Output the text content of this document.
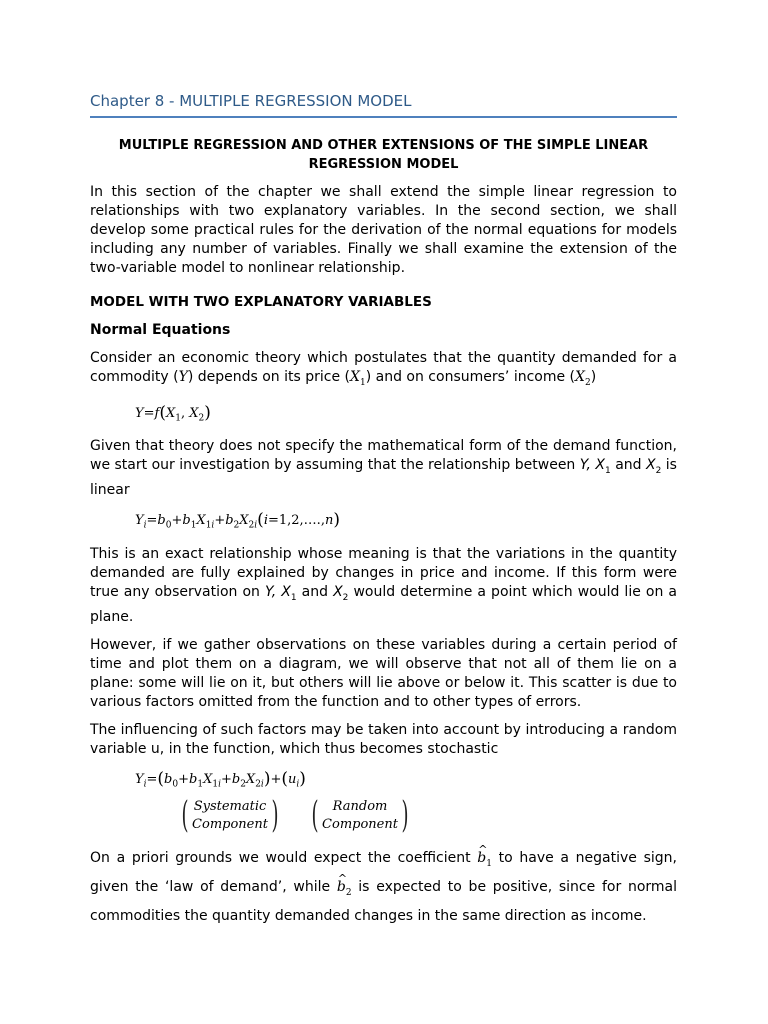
Chapter 8 - MULTIPLE REGRESSION MODEL
MULTIPLE REGRESSION AND OTHER EXTENSIONS OF THE SIMPLE LINEAR REGRESSION MODEL

In this section of the chapter we shall extend the simple linear regression to relationships with two explanatory variables. In the second section, we shall develop some practical rules for the derivation of the normal equations for models including any number of variables. Finally we shall examine the extension of the two-variable model to nonlinear relationship.

MODEL WITH TWO EXPLANATORY VARIABLES
Normal Equations

Consider an economic theory which postulates that the quantity demanded for a commodity (Y) depends on its price $(X_1)$ and on consumers’ income $(X_2)$

$Y=f(X_1$, $X_2$)

Given that theory does not specify the mathematical form of the demand function, we start our investigation by assuming that the relationship between Y, $X_1$ and $X_2$ is linear

$Y_i=b_0+b_1X_{1i}+b_2X_{2i}(i=1,2,\dots.,n)$

This is an exact relationship whose meaning is that the variations in the quantity demanded are fully explained by changes in price and income. If this form were true any observation on Y, $X_1$ and $X_2$ would determine a point which would lie on a plane.

However, if we gather observations on these variables during a certain period of time and plot them on a diagram, we will observe that not all of them lie on a plane: some will lie on it, but others will lie above or below it. This scatter is due to various factors omitted from the function and to other types of errors.

The influencing of such factors may be taken into account by introducing a random variable u, in the function, which thus becomes stochastic

$Y_i=(b_0+b_1X_{1i}+b_2X_{2i})+(u_i)$
( Systematic
Component ) (	Random
Component )

On a priori grounds we would expect the coefficient ^ $b_1$ to have a negative sign, given the ‘law of demand’, while ^ $b_2$ is expected to be positive, since for normal commodities the quantity demanded changes in the same direction as income.
